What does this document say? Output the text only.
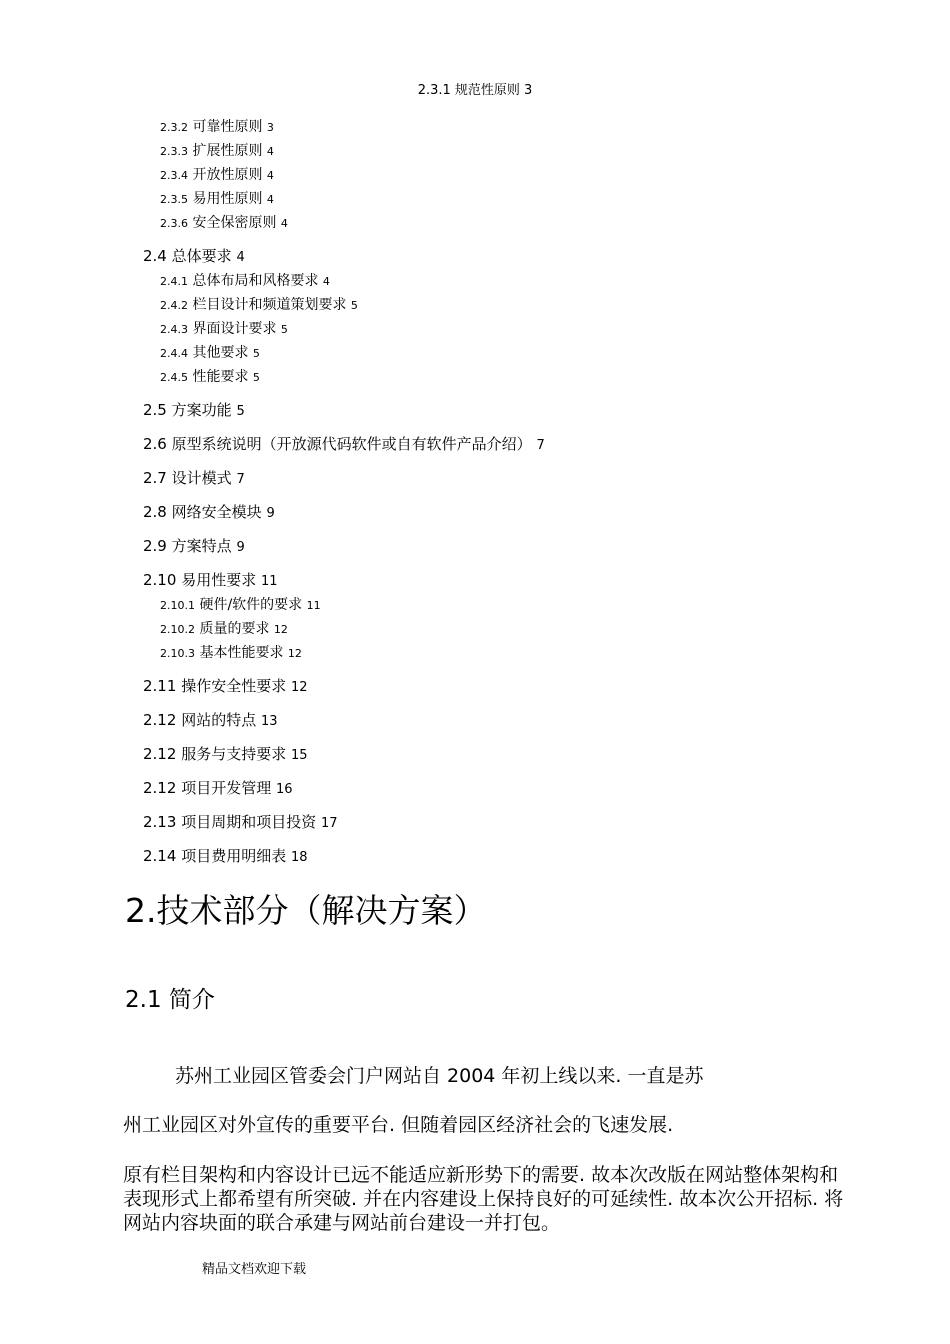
2.3.1 规范性原则 3
2.3.2 可靠性原则 3
2.3.3 扩展性原则 4
2.3.4 开放性原则 4
2.3.5 易用性原则 4
2.3.6 安全保密原则 4
2.4 总体要求 4
2.4.1 总体布局和风格要求 4
2.4.2 栏目设计和频道策划要求 5
2.4.3 界面设计要求 5
2.4.4 其他要求 5
2.4.5 性能要求 5
2.5 方案功能 5
2.6 原型系统说明（开放源代码软件或自有软件产品介绍） 7
2.7 设计模式 7
2.8 网络安全模块 9
2.9 方案特点 9
2.10 易用性要求 11
2.10.1 硬件/软件的要求 11
2.10.2 质量的要求 12
2.10.3 基本性能要求 12
2.11 操作安全性要求 12
2.12 网站的特点 13
2.12 服务与支持要求 15
2.12 项目开发管理 16
2.13 项目周期和项目投资 17
2.14 项目费用明细表 18
2.技术部分（解决方案）
2.1 简介
苏州工业园区管委会门户网站自 2004 年初上线以来. 一直是苏
州工业园区对外宣传的重要平台. 但随着园区经济社会的飞速发展.
原有栏目架构和内容设计已远不能适应新形势下的需要. 故本次改版在网站整体架构和表现形式上都希望有所突破. 并在内容建设上保持良好的可延续性. 故本次公开招标. 将网站内容块面的联合承建与网站前台建设一并打包。
精品文档欢迎下载
